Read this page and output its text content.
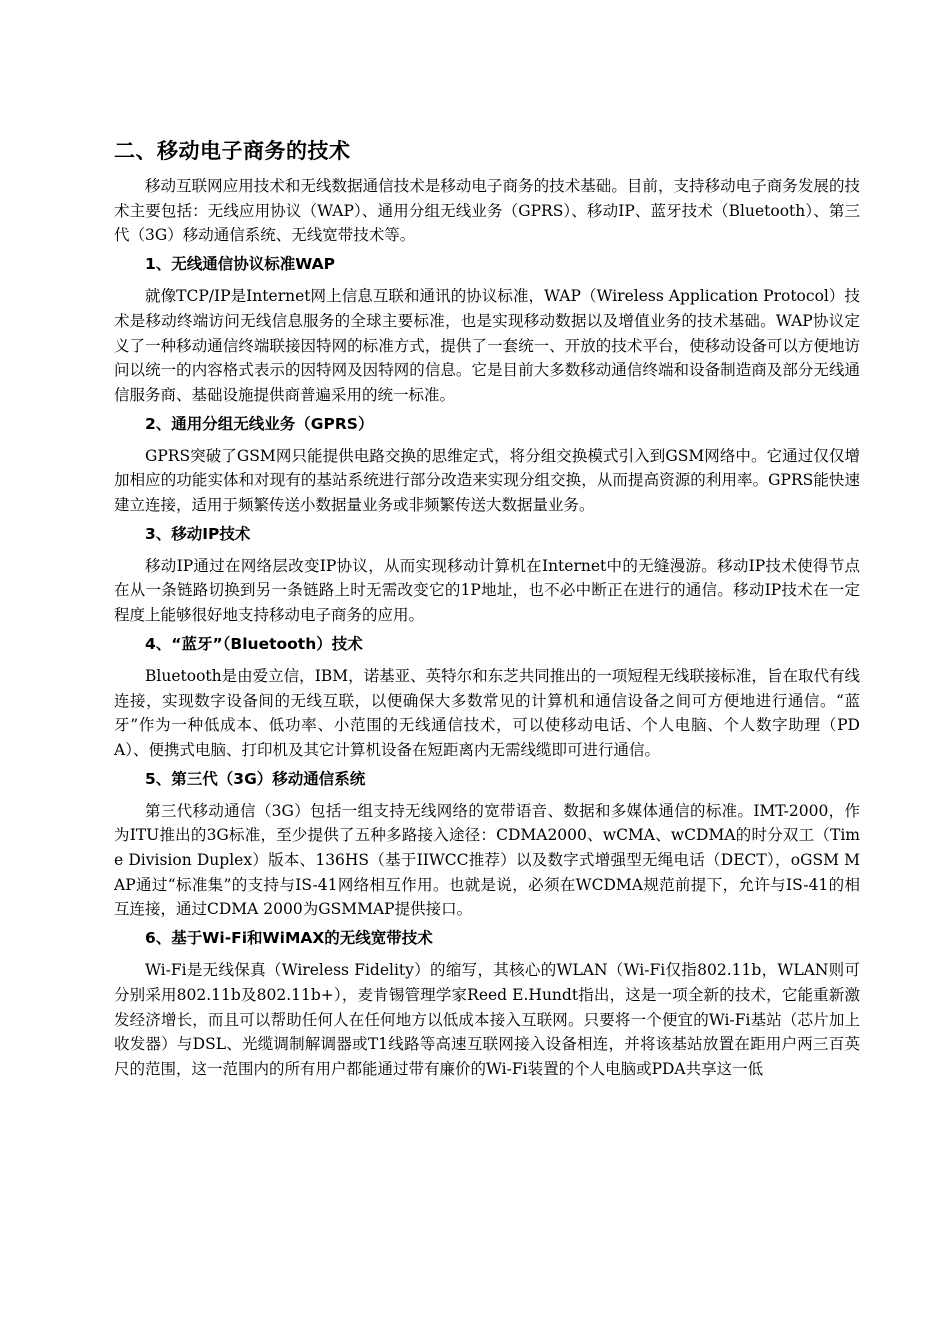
二、移动电子商务的技术

移动互联网应用技术和无线数据通信技术是移动电子商务的技术基础。目前，支持移动电子商务发展的技术主要包括：无线应用协议（WAP）、通用分组无线业务（GPRS）、移动IP、蓝牙技术（Bluetooth）、第三代（3G）移动通信系统、无线宽带技术等。

1、无线通信协议标准WAP

就像TCP/IP是Internet网上信息互联和通讯的协议标准，WAP（Wireless Application Protocol）技术是移动终端访问无线信息服务的全球主要标准，也是实现移动数据以及增值业务的技术基础。WAP协议定义了一种移动通信终端联接因特网的标准方式，提供了一套统一、开放的技术平台，使移动设备可以方便地访问以统一的内容格式表示的因特网及因特网的信息。它是目前大多数移动通信终端和设备制造商及部分无线通信服务商、基础设施提供商普遍采用的统一标准。

2、通用分组无线业务（GPRS）

GPRS突破了GSM网只能提供电路交换的思维定式，将分组交换模式引入到GSM网络中。它通过仅仅增加相应的功能实体和对现有的基站系统进行部分改造来实现分组交换，从而提高资源的利用率。GPRS能快速建立连接，适用于频繁传送小数据量业务或非频繁传送大数据量业务。

3、移动IP技术

移动IP通过在网络层改变IP协议，从而实现移动计算机在Internet中的无缝漫游。移动IP技术使得节点在从一条链路切换到另一条链路上时无需改变它的1P地址，也不必中断正在进行的通信。移动IP技术在一定程度上能够很好地支持移动电子商务的应用。

4、“蓝牙”（Bluetooth）技术

Bluetooth是由爱立信，IBM，诺基亚、英特尔和东芝共同推出的一项短程无线联接标准，旨在取代有线连接，实现数字设备间的无线互联，以便确保大多数常见的计算机和通信设备之间可方便地进行通信。“蓝牙”作为一种低成本、低功率、小范围的无线通信技术，可以使移动电话、个人电脑、个人数字助理（PDA）、便携式电脑、打印机及其它计算机设备在短距离内无需线缆即可进行通信。

5、第三代（3G）移动通信系统

第三代移动通信（3G）包括一组支持无线网络的宽带语音、数据和多媒体通信的标准。IMT-2000，作为ITU推出的3G标准，至少提供了五种多路接入途径：CDMA2000、wCMA、wCDMA的时分双工（Time Division Duplex）版本、136HS（基于IIWCC推荐）以及数字式增强型无绳电话（DECT），oGSM MAP通过“标准集”的支持与IS-41网络相互作用。也就是说，必须在WCDMA规范前提下，允许与IS-41的相互连接，通过CDMA 2000为GSMMAP提供接口。

6、基于Wi-Fi和WiMAX的无线宽带技术

Wi-Fi是无线保真（Wireless Fidelity）的缩写，其核心的WLAN（Wi-Fi仅指802.11b，WLAN则可分别采用802.11b及802.11b+），麦肯锡管理学家Reed E.Hundt指出，这是一项全新的技术，它能重新激发经济增长，而且可以帮助任何人在任何地方以低成本接入互联网。只要将一个便宜的Wi-Fi基站（芯片加上收发器）与DSL、光缆调制解调器或T1线路等高速互联网接入设备相连，并将该基站放置在距用户两三百英尺的范围，这一范围内的所有用户都能通过带有廉价的Wi-Fi装置的个人电脑或PDA共享这一低
